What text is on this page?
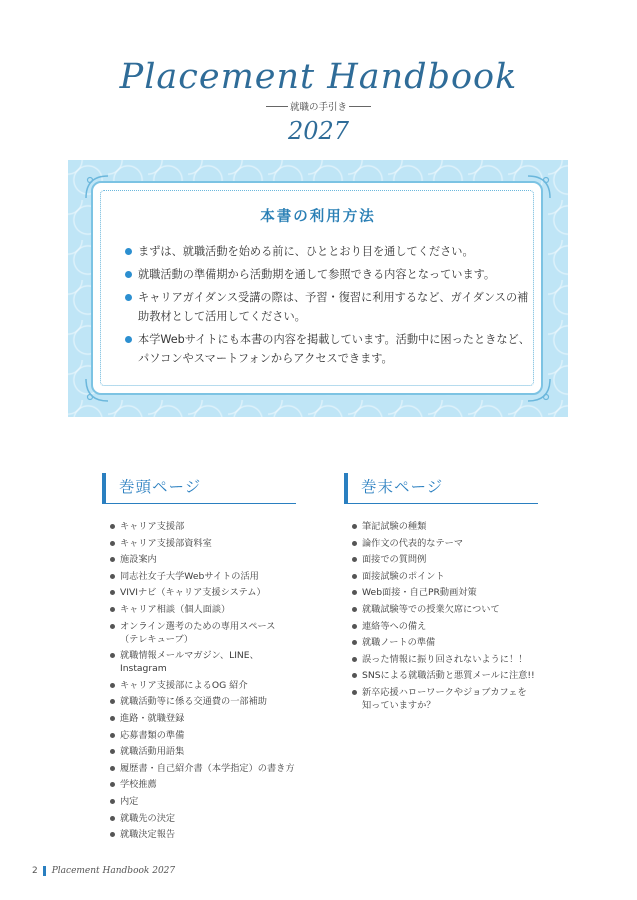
Placement Handbook
就職の手引き
2027
本書の利用方法
まずは、就職活動を始める前に、ひととおり目を通してください。
就職活動の準備期から活動期を通して参照できる内容となっています。
キャリアガイダンス受講の際は、予習・復習に利用するなど、ガイダンスの補助教材として活用してください。
本学Webサイトにも本書の内容を掲載しています。活動中に困ったときなど、パソコンやスマートフォンからアクセスできます。
巻頭ページ
キャリア支援部
キャリア支援部資料室
施設案内
同志社女子大学Webサイトの活用
VIVIナビ（キャリア支援システム）
キャリア相談（個人面談）
オンライン選考のための専用スペース
（テレキューブ）
就職情報メールマガジン、LINE、Instagram
キャリア支援部によるOG 紹介
就職活動等に係る交通費の一部補助
進路・就職登録
応募書類の準備
就職活動用語集
履歴書・自己紹介書（本学指定）の書き方
学校推薦
内定
就職先の決定
就職決定報告
巻末ページ
筆記試験の種類
論作文の代表的なテーマ
面接での質問例
面接試験のポイント
Web面接・自己PR動画対策
就職試験等での授業欠席について
連絡等への備え
就職ノートの準備
誤った情報に振り回されないように！！
SNSによる就職活動と悪質メールに注意!!
新卒応援ハローワークやジョブカフェを
知っていますか？
2 Placement Handbook 2027
